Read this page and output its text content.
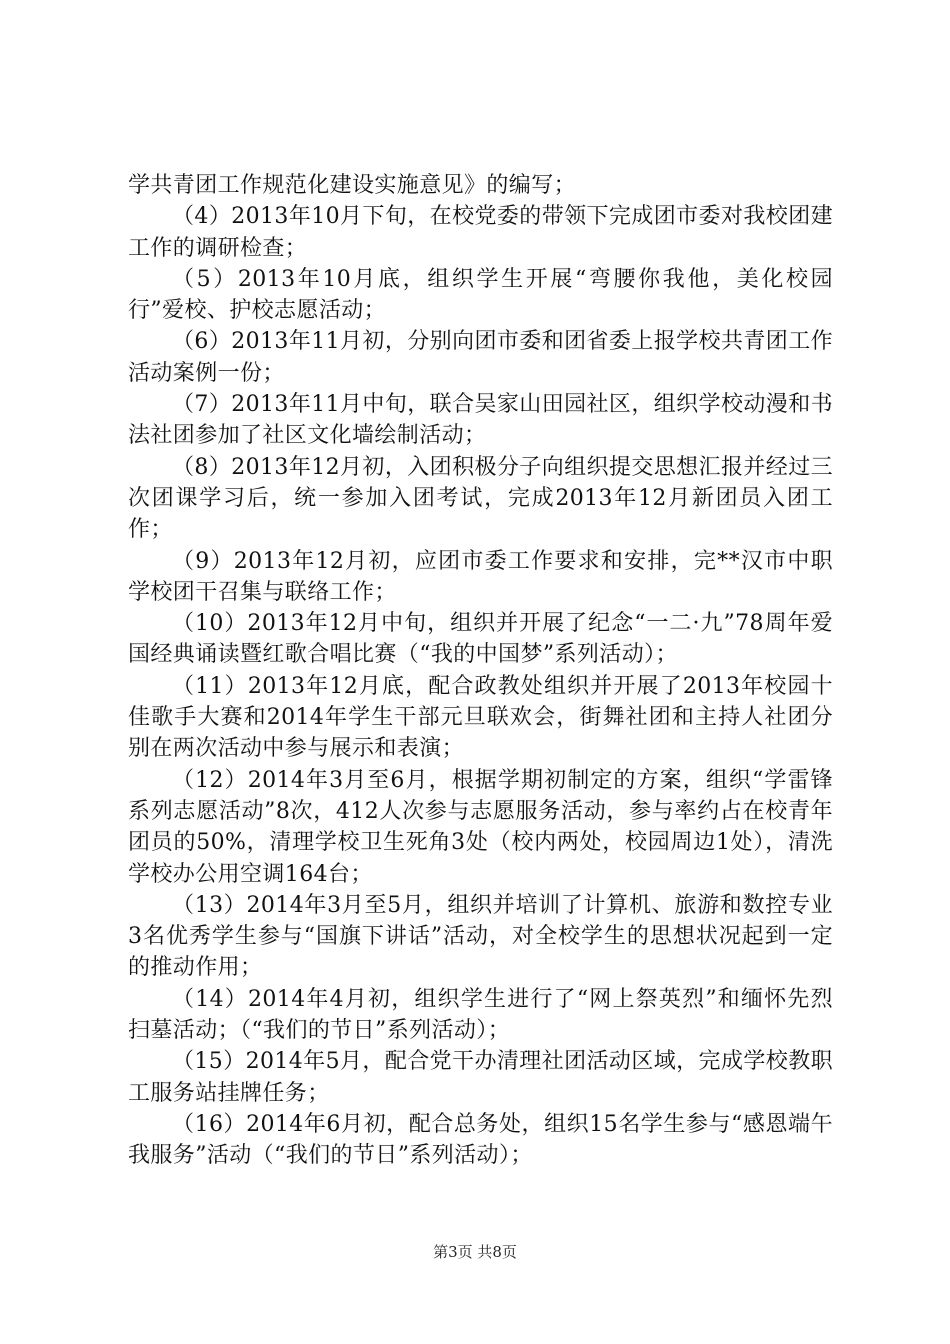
学共青团工作规范化建设实施意见》的编写；

（4）2013年10月下旬，在校党委的带领下完成团市委对我校团建工作的调研检查；

（5）2013年10月底，组织学生开展“弯腰你我他，美化校园行”爱校、护校志愿活动；

（6）2013年11月初，分别向团市委和团省委上报学校共青团工作活动案例一份；

（7）2013年11月中旬，联合吴家山田园社区，组织学校动漫和书法社团参加了社区文化墙绘制活动；

（8）2013年12月初，入团积极分子向组织提交思想汇报并经过三次团课学习后，统一参加入团考试，完成2013年12月新团员入团工作；

（9）2013年12月初，应团市委工作要求和安排，完**汉市中职学校团干召集与联络工作；

（10）2013年12月中旬，组织并开展了纪念“一二·九”78周年爱国经典诵读暨红歌合唱比赛（“我的中国梦”系列活动）；

（11）2013年12月底，配合政教处组织并开展了2013年校园十佳歌手大赛和2014年学生干部元旦联欢会，街舞社团和主持人社团分别在两次活动中参与展示和表演；

（12）2014年3月至6月，根据学期初制定的方案，组织“学雷锋系列志愿活动”8次，412人次参与志愿服务活动，参与率约占在校青年团员的50%，清理学校卫生死角3处（校内两处，校园周边1处），清洗学校办公用空调164台；

（13）2014年3月至5月，组织并培训了计算机、旅游和数控专业3名优秀学生参与“国旗下讲话”活动，对全校学生的思想状况起到一定的推动作用；

（14）2014年4月初，组织学生进行了“网上祭英烈”和缅怀先烈扫墓活动；（“我们的节日”系列活动）；

（15）2014年5月，配合党干办清理社团活动区域，完成学校教职工服务站挂牌任务；

（16）2014年6月初，配合总务处，组织15名学生参与“感恩端午我服务”活动（“我们的节日”系列活动）；

第3页 共8页
